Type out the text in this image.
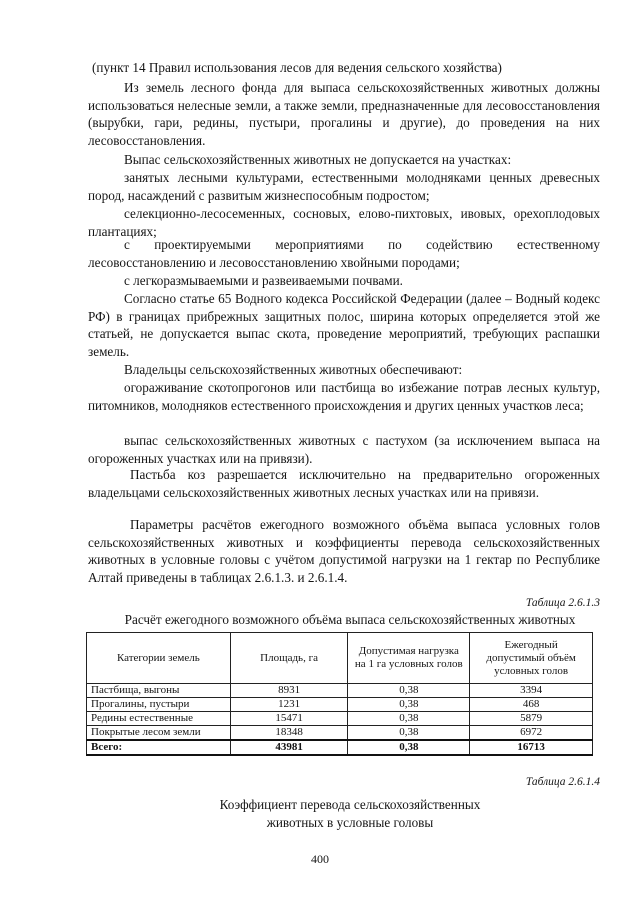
(пункт 14 Правил использования лесов для ведения сельского хозяйства)

Из земель лесного фонда для выпаса сельскохозяйственных животных должны использоваться нелесные земли, а также земли, предназначенные для лесовосстановления (вырубки, гари, редины, пустыри, прогалины и другие), до проведения на них лесовосстановления.

Выпас сельскохозяйственных животных не допускается на участках:

занятых лесными культурами, естественными молодняками ценных древесных пород, насаждений с развитым жизнеспособным подростом;

селекционно-лесосеменных, сосновых, елово-пихтовых, ивовых, орехоплодовых плантациях;

с проектируемыми мероприятиями по содействию естественному лесовосстановлению и лесовосстановлению хвойными породами;

с легкоразмываемыми и развеиваемыми почвами.

Согласно статье 65 Водного кодекса Российской Федерации (далее – Водный кодекс РФ) в границах прибрежных защитных полос, ширина которых определяется этой же статьей, не допускается выпас скота, проведение мероприятий, требующих распашки земель.

Владельцы сельскохозяйственных животных обеспечивают:

огораживание скотопрогонов или пастбища во избежание потрав лесных культур, питомников, молодняков естественного происхождения и других ценных участков леса;

выпас сельскохозяйственных животных с пастухом (за исключением выпаса на огороженных участках или на привязи).

Пастьба коз разрешается исключительно на предварительно огороженных владельцами сельскохозяйственных животных лесных участках или на привязи.

Параметры расчётов ежегодного возможного объёма выпаса условных голов сельскохозяйственных животных и коэффициенты перевода сельскохозяйственных животных в условные головы с учётом допустимой нагрузки на 1 гектар по Республике Алтай приведены в таблицах 2.6.1.3. и 2.6.1.4.

Таблица 2.6.1.3
Расчёт ежегодного возможного объёма выпаса сельскохозяйственных животных
Категории земель	Площадь, га	Допустимая нагрузка на 1 га условных голов	Ежегодный допустимый объём условных голов
Пастбища, выгоны	8931	0,38	3394
Прогалины, пустыри	1231	0,38	468
Редины естественные	15471	0,38	5879
Покрытые лесом земли	18348	0,38	6972
Всего:	43981	0,38	16713
Таблица 2.6.1.4
Коэффициент перевода сельскохозяйственных
животных в условные головы
400
